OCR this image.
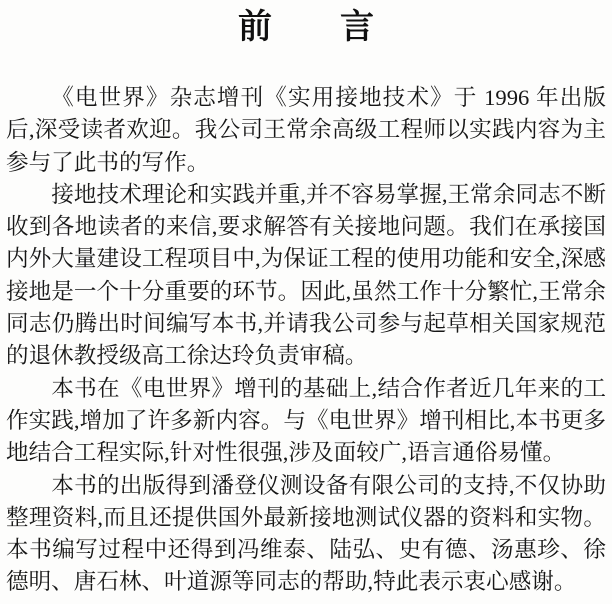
前　　言

《电世界》杂志增刊《实用接地技术》于 1996 年出版后,深受读者欢迎。我公司王常余高级工程师以实践内容为主参与了此书的写作。

接地技术理论和实践并重,并不容易掌握,王常余同志不断收到各地读者的来信,要求解答有关接地问题。我们在承接国内外大量建设工程项目中,为保证工程的使用功能和安全,深感接地是一个十分重要的环节。因此,虽然工作十分繁忙,王常余同志仍腾出时间编写本书,并请我公司参与起草相关国家规范的退休教授级高工徐达玲负责审稿。

本书在《电世界》增刊的基础上,结合作者近几年来的工作实践,增加了许多新内容。与《电世界》增刊相比,本书更多地结合工程实际,针对性很强,涉及面较广,语言通俗易懂。

本书的出版得到潘登仪测设备有限公司的支持,不仅协助整理资料,而且还提供国外最新接地测试仪器的资料和实物。本书编写过程中还得到冯维泰、陆弘、史有德、汤惠珍、徐德明、唐石林、叶道源等同志的帮助,特此表示衷心感谢。
